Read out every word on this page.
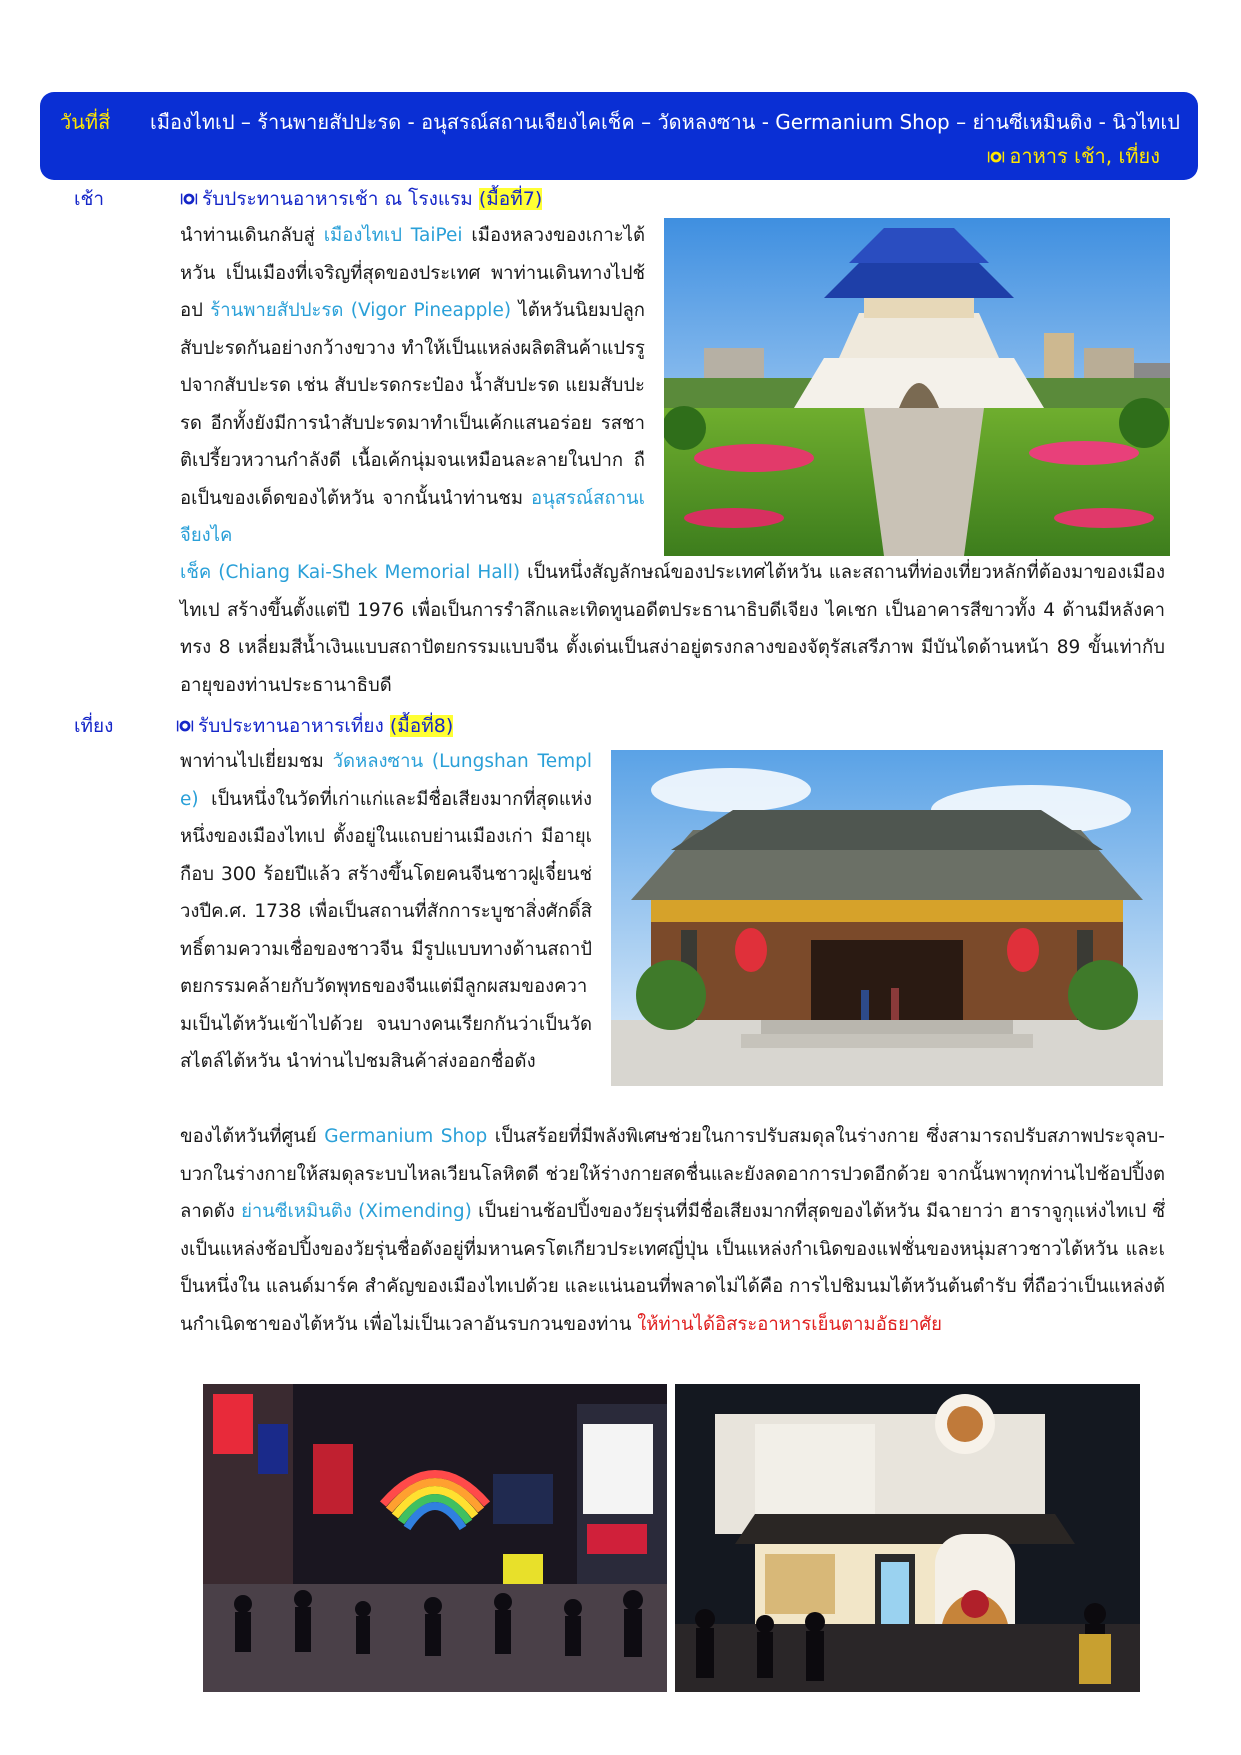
วันที่สี่ เมืองไทเป – ร้านพายสัปปะรด - อนุสรณ์สถานเจียงไคเช็ค – วัดหลงซาน - Germanium Shop – ย่านซีเหมินติง - นิวไทเป
อาหาร เช้า, เที่ยง
เช้า	รับประทานอาหารเช้า ณ โรงแรม (มื้อที่7)
นำท่านเดินกลับสู่ เมืองไทเป TaiPei เมืองหลวงของเกาะไต้หวัน เป็นเมืองที่เจริญที่สุดของประเทศ พาท่านเดินทางไปช้อป ร้านพายสัปปะรด (Vigor Pineapple) ไต้หวันนิยมปลูกสับปะรดกันอย่างกว้างขวาง ทำให้เป็นแหล่งผลิตสินค้าแปรรูปจากสับปะรด เช่น สับปะรดกระป๋อง น้ำสับปะรด แยมสับปะรด อีกทั้งยังมีการนำสับปะรดมาทำเป็นเค้กแสนอร่อย รสชาติเปรี้ยวหวานกำลังดี เนื้อเค้กนุ่มจนเหมือนละลายในปาก ถือเป็นของเด็ดของไต้หวัน จากนั้นนำท่านชม อนุสรณ์สถานเจียงไค
เช็ค (Chiang Kai-Shek Memorial Hall) เป็นหนึ่งสัญลักษณ์ของประเทศไต้หวัน และสถานที่ท่องเที่ยวหลักที่ต้องมาของเมืองไทเป สร้างขึ้นตั้งแต่ปี 1976 เพื่อเป็นการรำลึกและเทิดทูนอดีตประธานาธิบดีเจียง ไคเชก เป็นอาคารสีขาวทั้ง 4 ด้านมีหลังคาทรง 8 เหลี่ยมสีน้ำเงินแบบสถาปัตยกรรมแบบจีน ตั้งเด่นเป็นสง่าอยู่ตรงกลางของจัตุรัสเสรีภาพ มีบันไดด้านหน้า 89 ขั้นเท่ากับอายุของท่านประธานาธิบดี
เที่ยง	รับประทานอาหารเที่ยง (มื้อที่8)
พาท่านไปเยี่ยมชม วัดหลงซาน (Lungshan Temple) เป็นหนึ่งในวัดที่เก่าแก่และมีชื่อเสียงมากที่สุดแห่งหนึ่งของเมืองไทเป ตั้งอยู่ในแถบย่านเมืองเก่า มีอายุเกือบ 300 ร้อยปีแล้ว สร้างขึ้นโดยคนจีนชาวฝูเจี๋ยนช่วงปีค.ศ. 1738 เพื่อเป็นสถานที่สักการะบูชาสิ่งศักดิ์สิทธิ์ตามความเชื่อของชาวจีน มีรูปแบบทางด้านสถาปัตยกรรมคล้ายกับวัดพุทธของจีนแต่มีลูกผสมของความเป็นไต้หวันเข้าไปด้วย จนบางคนเรียกกันว่าเป็นวัดสไตล์ไต้หวัน นำท่านไปชมสินค้าส่งออกชื่อดัง
ของไต้หวันที่ศูนย์ Germanium Shop เป็นสร้อยที่มีพลังพิเศษช่วยในการปรับสมดุลในร่างกาย ซึ่งสามารถปรับสภาพประจุลบ-บวกในร่างกายให้สมดุลระบบไหลเวียนโลหิตดี ช่วยให้ร่างกายสดชื่นและยังลดอาการปวดอีกด้วย จากนั้นพาทุกท่านไปช้อปปิ้งตลาดดัง ย่านซีเหมินติง (Ximending) เป็นย่านช้อปปิ้งของวัยรุ่นที่มีชื่อเสียงมากที่สุดของไต้หวัน มีฉายาว่า ฮาราจูกุแห่งไทเป ซึ่งเป็นแหล่งช้อปปิ้งของวัยรุ่นชื่อดังอยู่ที่มหานครโตเกียวประเทศญี่ปุ่น เป็นแหล่งกำเนิดของแฟชั่นของหนุ่มสาวชาวไต้หวัน และเป็นหนึ่งใน แลนด์มาร์ค สำคัญของเมืองไทเปด้วย และแน่นอนที่พลาดไม่ได้คือ การไปชิมนมไต้หวันต้นตำรับ ที่ถือว่าเป็นแหล่งต้นกำเนิดชาของไต้หวัน เพื่อไม่เป็นเวลาอันรบกวนของท่าน ให้ท่านได้อิสระอาหารเย็นตามอัธยาศัย
